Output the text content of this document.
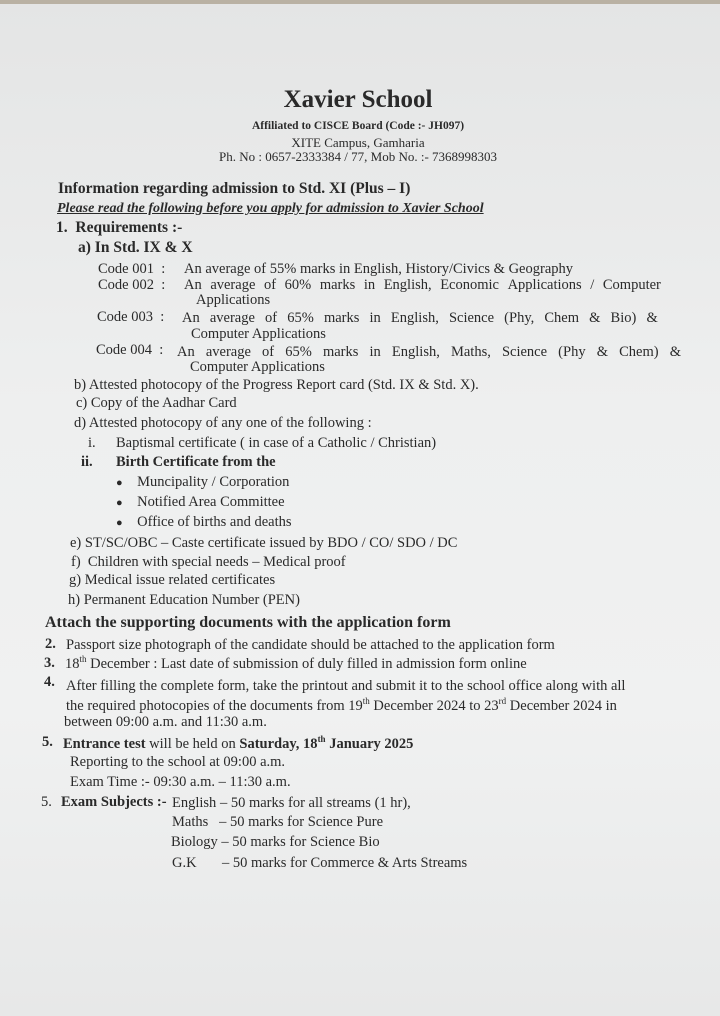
Xavier School
Affiliated to CISCE Board (Code :- JH097)
XITE Campus, Gamharia
Ph. No : 0657-2333384 / 77, Mob No. :- 7368998303
Information regarding admission to Std. XI (Plus – I)
Please read the following before you apply for admission to Xavier School
1. Requirements :-
a) In Std. IX & X
Code 001 : An average of 55% marks in English, History/Civics & Geography
Code 002 : An average of 60% marks in English, Economic Applications / Computer
Applications
Code 003 : An average of 65% marks in English, Science (Phy, Chem & Bio) &
Computer Applications
Code 004 : An average of 65% marks in English, Maths, Science (Phy & Chem) &
Computer Applications
b) Attested photocopy of the Progress Report card (Std. IX & Std. X).
c) Copy of the Aadhar Card
d) Attested photocopy of any one of the following :
i. Baptismal certificate ( in case of a Catholic / Christian)
ii. Birth Certificate from the
● Muncipality / Corporation
● Notified Area Committee
● Office of births and deaths
e) ST/SC/OBC – Caste certificate issued by BDO / CO/ SDO / DC
f) Children with special needs – Medical proof
g) Medical issue related certificates
h) Permanent Education Number (PEN)
Attach the supporting documents with the application form
2. Passport size photograph of the candidate should be attached to the application form
3. 18th December : Last date of submission of duly filled in admission form online
4. After filling the complete form, take the printout and submit it to the school office along with all
the required photocopies of the documents from 19th December 2024 to 23rd December 2024 in
between 09:00 a.m. and 11:30 a.m.
5. Entrance test will be held on Saturday, 18th January 2025
Reporting to the school at 09:00 a.m.
Exam Time :- 09:30 a.m. – 11:30 a.m.
5. Exam Subjects :- English – 50 marks for all streams (1 hr),
Maths – 50 marks for Science Pure
Biology – 50 marks for Science Bio
G.K – 50 marks for Commerce & Arts Streams
